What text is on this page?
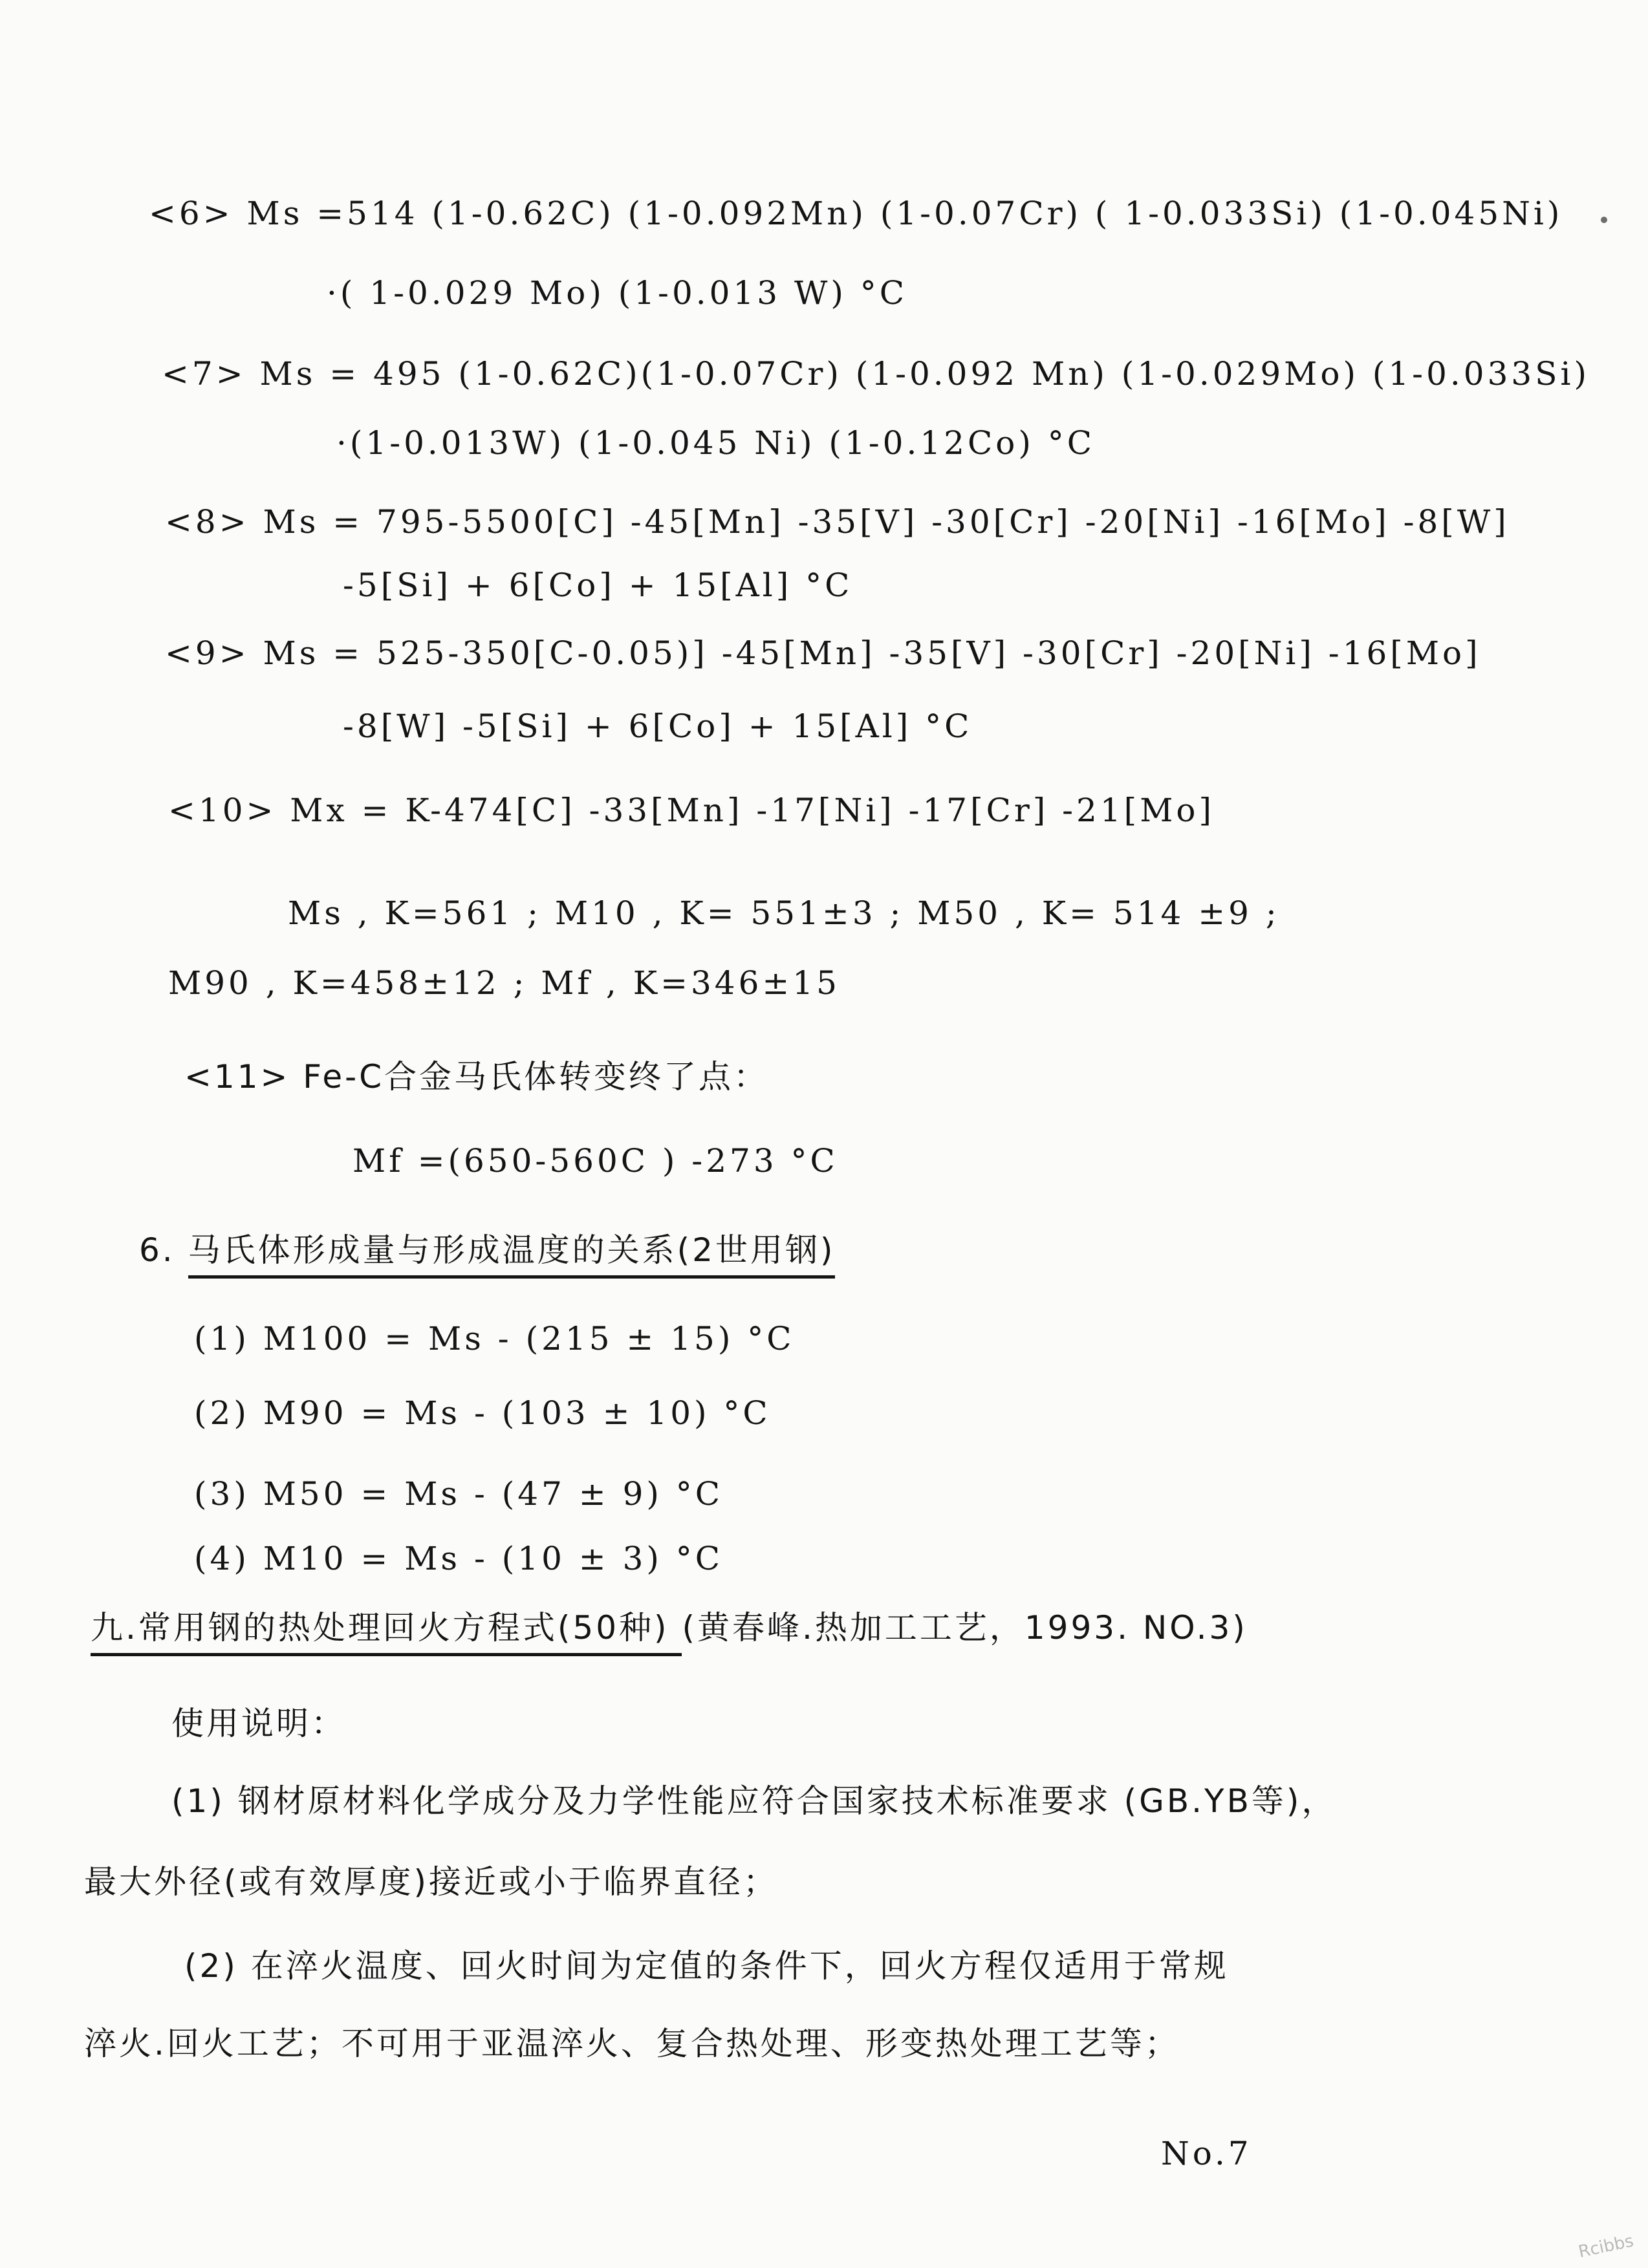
<6> Ms =514 (1-0.62C) (1-0.092Mn) (1-0.07Cr) ( 1-0.033Si) (1-0.045Ni)
·( 1-0.029 Mo) (1-0.013 W) °C
<7> Ms = 495 (1-0.62C)(1-0.07Cr) (1-0.092 Mn) (1-0.029Mo) (1-0.033Si)
·(1-0.013W) (1-0.045 Ni) (1-0.12Co) °C
<8> Ms = 795-5500[C] -45[Mn] -35[V] -30[Cr] -20[Ni] -16[Mo] -8[W]
-5[Si] + 6[Co] + 15[Al] °C
<9> Ms = 525-350[C-0.05)] -45[Mn] -35[V] -30[Cr] -20[Ni] -16[Mo]
-8[W] -5[Si] + 6[Co] + 15[Al] °C
<10> Mx = K-474[C] -33[Mn] -17[Ni] -17[Cr] -21[Mo]
Ms , K=561 ; M10 , K= 551±3 ; M50 , K= 514 ±9 ;
M90 , K=458±12 ; Mf , K=346±15
<11> Fe-C合金马氏体转变终了点：
Mf =(650-560C ) -273 °C
6. 马氏体形成量与形成温度的关系(2世用钢)
(1) M100 = Ms - (215 ± 15) °C
(2) M90 = Ms - (103 ± 10) °C
(3) M50 = Ms - (47 ± 9) °C
(4) M10 = Ms - (10 ± 3) °C
九.常用钢的热处理回火方程式(50种) (黄春峰.热加工工艺，1993. NO.3)
使用说明：
(1) 钢材原材料化学成分及力学性能应符合国家技术标准要求 (GB.YB等)，
最大外径(或有效厚度)接近或小于临界直径；
(2) 在淬火温度、回火时间为定值的条件下，回火方程仅适用于常规
淬火.回火工艺；不可用于亚温淬火、复合热处理、形变热处理工艺等；
No.7
Rcibbs
